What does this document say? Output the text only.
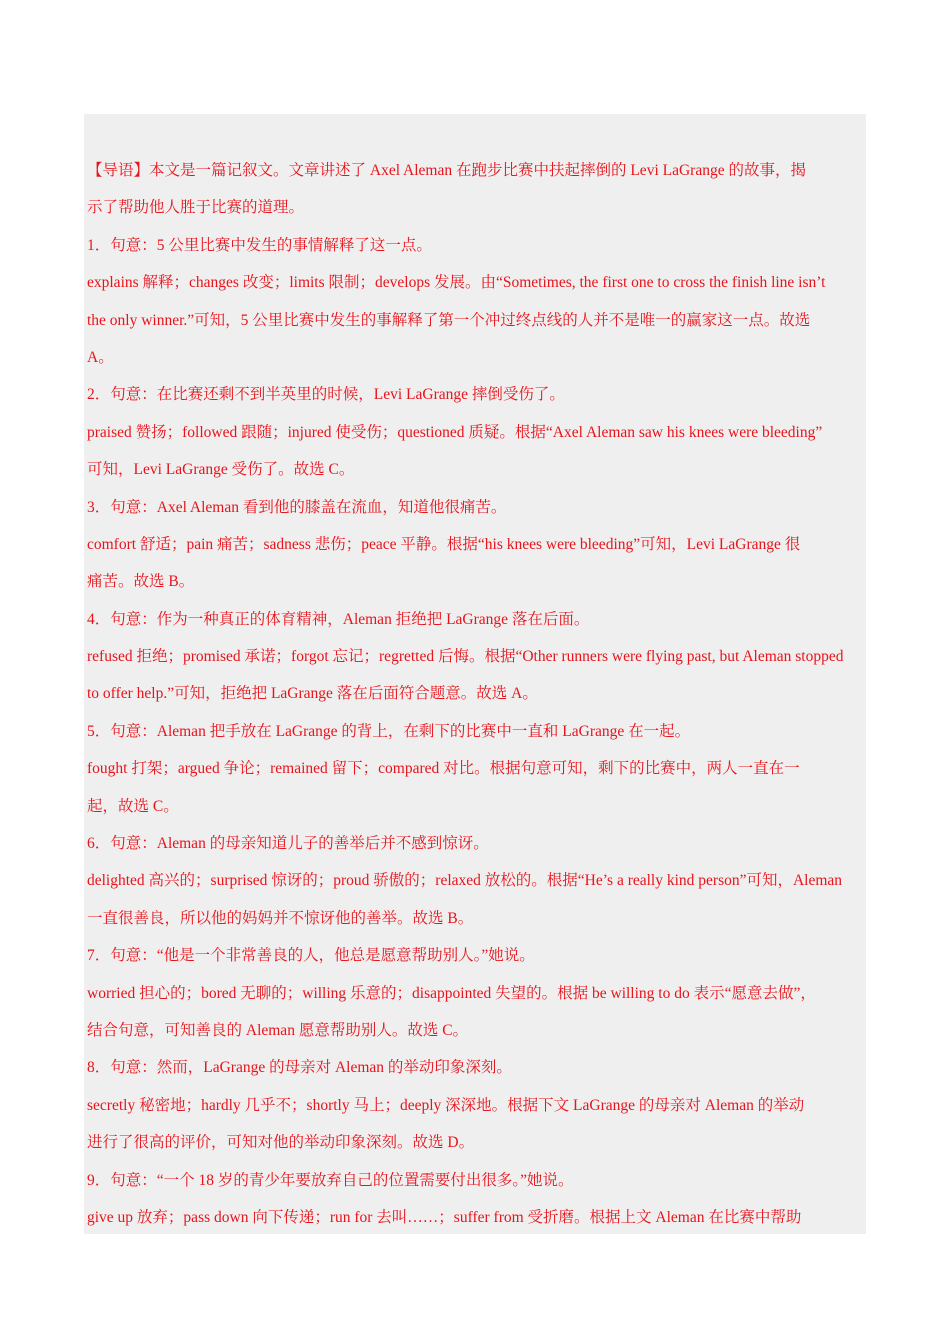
【导语】本文是一篇记叙文。文章讲述了 Axel Aleman 在跑步比赛中扶起摔倒的 Levi LaGrange 的故事，揭
示了帮助他人胜于比赛的道理。
1．句意：5 公里比赛中发生的事情解释了这一点。
explains 解释；changes 改变；limits 限制；develops 发展。由“Sometimes, the first one to cross the finish line isn’t
the only winner.”可知，5 公里比赛中发生的事解释了第一个冲过终点线的人并不是唯一的赢家这一点。故选
A。
2．句意：在比赛还剩不到半英里的时候，Levi LaGrange 摔倒受伤了。
praised 赞扬；followed 跟随；injured 使受伤；questioned 质疑。根据“Axel Aleman saw his knees were bleeding”
可知，Levi LaGrange 受伤了。故选 C。
3．句意：Axel Aleman 看到他的膝盖在流血，知道他很痛苦。
comfort 舒适；pain 痛苦；sadness 悲伤；peace 平静。根据“his knees were bleeding”可知，Levi LaGrange 很
痛苦。故选 B。
4．句意：作为一种真正的体育精神，Aleman 拒绝把 LaGrange 落在后面。
refused 拒绝；promised 承诺；forgot 忘记；regretted 后悔。根据“Other runners were flying past, but Aleman stopped
to offer help.”可知，拒绝把 LaGrange 落在后面符合题意。故选 A。
5．句意：Aleman 把手放在 LaGrange 的背上，在剩下的比赛中一直和 LaGrange 在一起。
fought 打架；argued 争论；remained 留下；compared 对比。根据句意可知，剩下的比赛中，两人一直在一
起，故选 C。
6．句意：Aleman 的母亲知道儿子的善举后并不感到惊讶。
delighted 高兴的；surprised 惊讶的；proud 骄傲的；relaxed 放松的。根据“He’s a really kind person”可知，Aleman
一直很善良，所以他的妈妈并不惊讶他的善举。故选 B。
7．句意：“他是一个非常善良的人，他总是愿意帮助别人。”她说。
worried 担心的；bored 无聊的；willing 乐意的；disappointed 失望的。根据 be willing to do 表示“愿意去做”，
结合句意，可知善良的 Aleman 愿意帮助别人。故选 C。
8．句意：然而，LaGrange 的母亲对 Aleman 的举动印象深刻。
secretly 秘密地；hardly 几乎不；shortly 马上；deeply 深深地。根据下文 LaGrange 的母亲对 Aleman 的举动
进行了很高的评价，可知对他的举动印象深刻。故选 D。
9．句意：“一个 18 岁的青少年要放弃自己的位置需要付出很多。”她说。
give up 放弃；pass down 向下传递；run for 去叫……；suffer from 受折磨。根据上文 Aleman 在比赛中帮助
